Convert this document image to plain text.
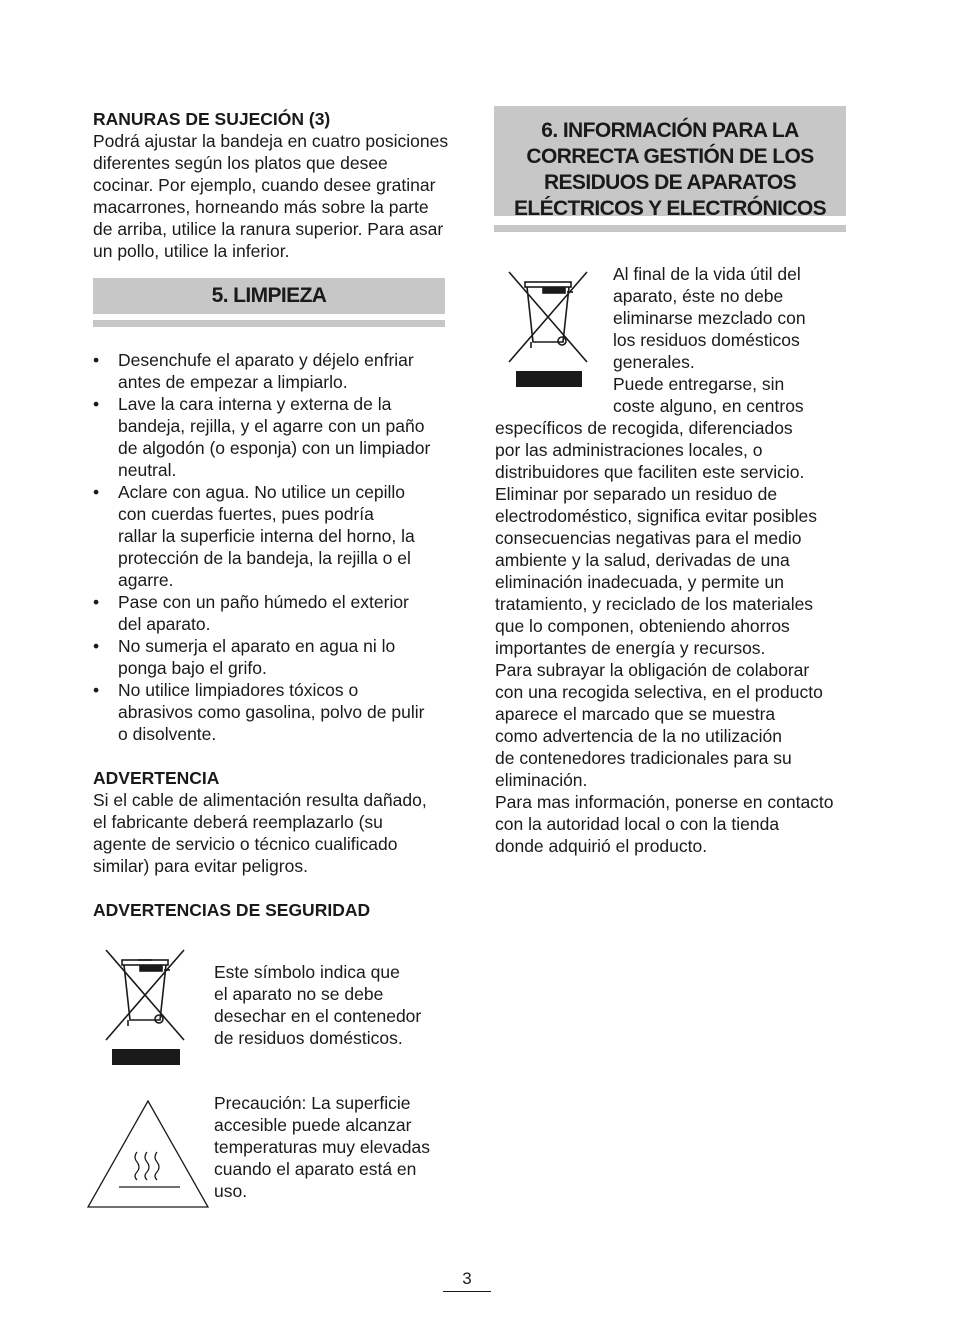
RANURAS DE SUJECIÓN (3)

Podrá ajustar la bandeja en cuatro posiciones
diferentes según los platos que desee
cocinar. Por ejemplo, cuando desee gratinar
macarrones, horneando más sobre la parte
de arriba, utilice la ranura superior. Para asar
un pollo, utilice la inferior.

5. LIMPIEZA
• Desenchufe el aparato y déjelo enfriar
antes de empezar a limpiarlo.
• Lave la cara interna y externa de la
bandeja, rejilla, y el agarre con un paño
de algodón (o esponja) con un limpiador
neutral.
• Aclare con agua. No utilice un cepillo
con cuerdas fuertes, pues podría
rallar la superficie interna del horno, la
protección de la bandeja, la rejilla o el
agarre.
• Pase con un paño húmedo el exterior
del aparato.
• No sumerja el aparato en agua ni lo
ponga bajo el grifo.
• No utilice limpiadores tóxicos o
abrasivos como gasolina, polvo de pulir
o disolvente.
ADVERTENCIA

Si el cable de alimentación resulta dañado,
el fabricante deberá reemplazarlo (su
agente de servicio o técnico cualificado
similar) para evitar peligros.

ADVERTENCIAS DE SEGURIDAD
Este símbolo indica que
el aparato no se debe
desechar en el contenedor
de residuos domésticos.
Precaución: La superficie
accesible puede alcanzar
temperaturas muy elevadas
cuando el aparato está en
uso.
6. INFORMACIÓN PARA LA
CORRECTA GESTIÓN DE LOS
RESIDUOS DE APARATOS
ELÉCTRICOS Y ELECTRÓNICOS
Al final de la vida útil del
aparato, éste no debe
eliminarse mezclado con
los residuos domésticos
generales.
Puede entregarse, sin
coste alguno, en centros
específicos de recogida, diferenciados
por las administraciones locales, o
distribuidores que faciliten este servicio.
Eliminar por separado un residuo de
electrodoméstico, significa evitar posibles
consecuencias negativas para el medio
ambiente y la salud, derivadas de una
eliminación inadecuada, y permite un
tratamiento, y reciclado de los materiales
que lo componen, obteniendo ahorros
importantes de energía y recursos.
Para subrayar la obligación de colaborar
con una recogida selectiva, en el producto
aparece el marcado que se muestra
como advertencia de la no utilización
de contenedores tradicionales para su
eliminación.
Para mas información, ponerse en contacto
con la autoridad local o con la tienda
donde adquirió el producto.
3
